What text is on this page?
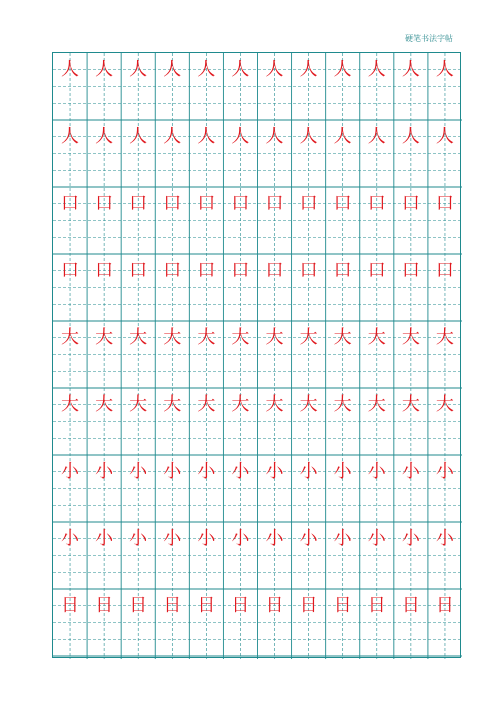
硬笔书法字帖
人 人 人 人 人 人 人 人 人 人 人 人
人 人 人 人 人 人 人 人 人 人 人 人
口 口 口 口 口 口 口 口 口 口 口 口
口 口 口 口 口 口 口 口 口 口 口 口
大 大 大 大 大 大 大 大 大 大 大 大
大 大 大 大 大 大 大 大 大 大 大 大
小 小 小 小 小 小 小 小 小 小 小 小
小 小 小 小 小 小 小 小 小 小 小 小
日 日 日 日 日 日 日 日 日 日 日 日
